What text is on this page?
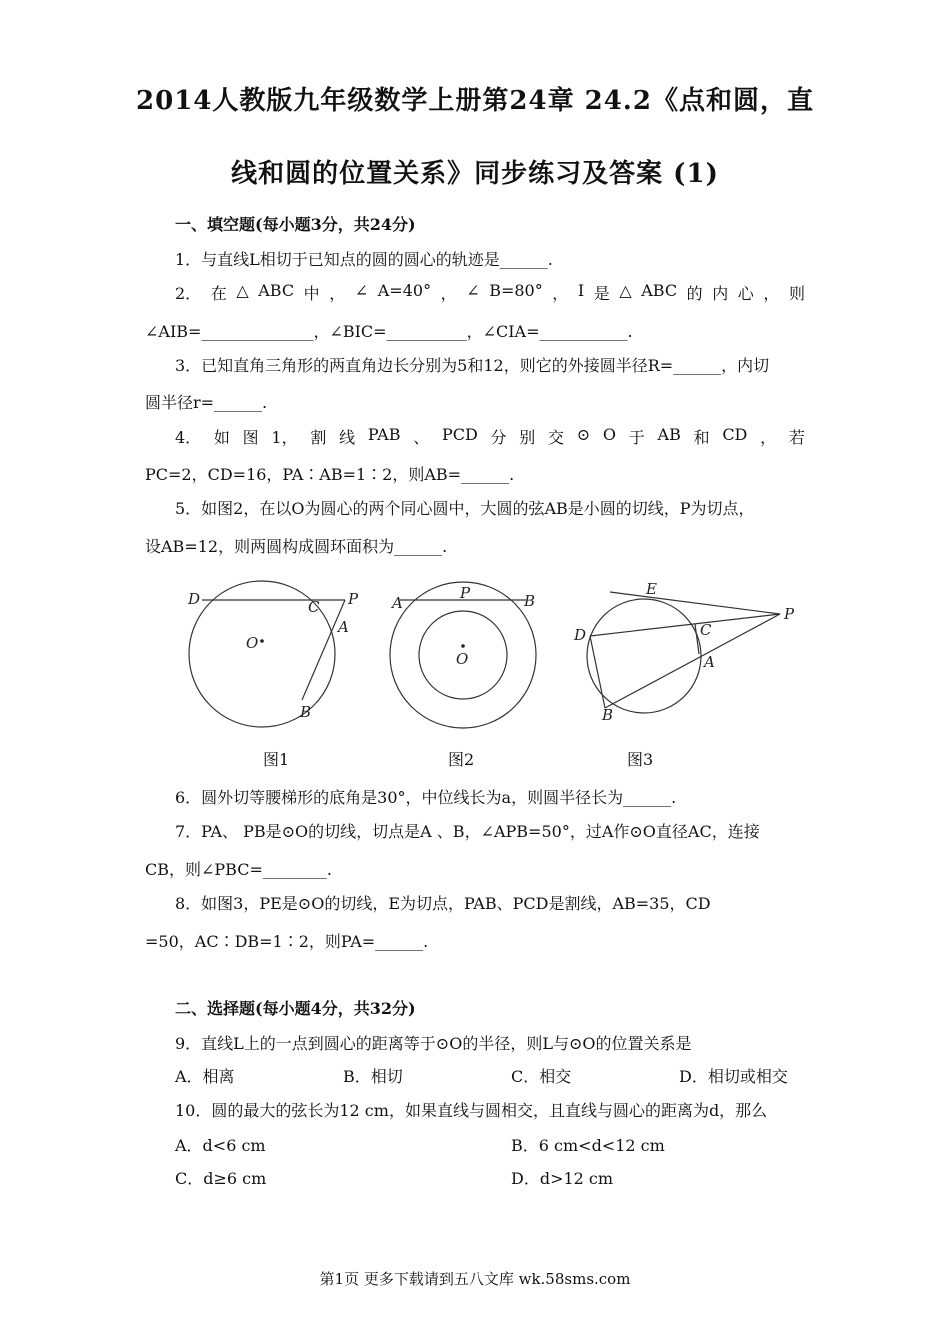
2014人教版九年级数学上册第24章 24.2《点和圆，直
线和圆的位置关系》同步练习及答案 (1)
一、填空题(每小题3分，共24分)
1．与直线L相切于已知点的圆的圆心的轨迹是______.
2． 在 △ ABC 中 ， ∠ A=40° ， ∠ B=80° ， I 是 △ ABC 的 内 心 ， 则
∠AIB=______________，∠BIC=__________，∠CIA=___________.
3．已知直角三角形的两直角边长分别为5和12，则它的外接圆半径R=______，内切
圆半径r=______.
4． 如 图 1， 割 线 PAB 、 PCD 分 别 交 ⊙ O 于 AB 和 CD ， 若
PC=2，CD=16，PA∶AB=1∶2，则AB=______.
5．如图2，在以O为圆心的两个同心圆中，大圆的弦AB是小圆的切线，P为切点，
设AB=12，则两圆构成圆环面积为______.
D	C P
A
O
B
A
P	B
O
E
P
C
D
A
B
图1	图2	图3
6．圆外切等腰梯形的底角是30°，中位线长为a，则圆半径长为______.
7．PA、 PB是⊙O的切线，切点是A 、B，∠APB=50°，过A作⊙O直径AC，连接
CB，则∠PBC=________.
8．如图3，PE是⊙O的切线，E为切点，PAB、PCD是割线，AB=35，CD
=50，AC∶DB=1∶2，则PA=______.
二、选择题(每小题4分，共32分)
9．直线L上的一点到圆心的距离等于⊙O的半径，则L与⊙O的位置关系是
A．相离	B．相切	C．相交	D．相切或相交
10．圆的最大的弦长为12 cm，如果直线与圆相交，且直线与圆心的距离为d，那么
A．d<6 cm	B．6 cm<d<12 cm
C．d≥6 cm	D．d>12 cm
第1页 更多下载请到五八文库 wk.58sms.com
